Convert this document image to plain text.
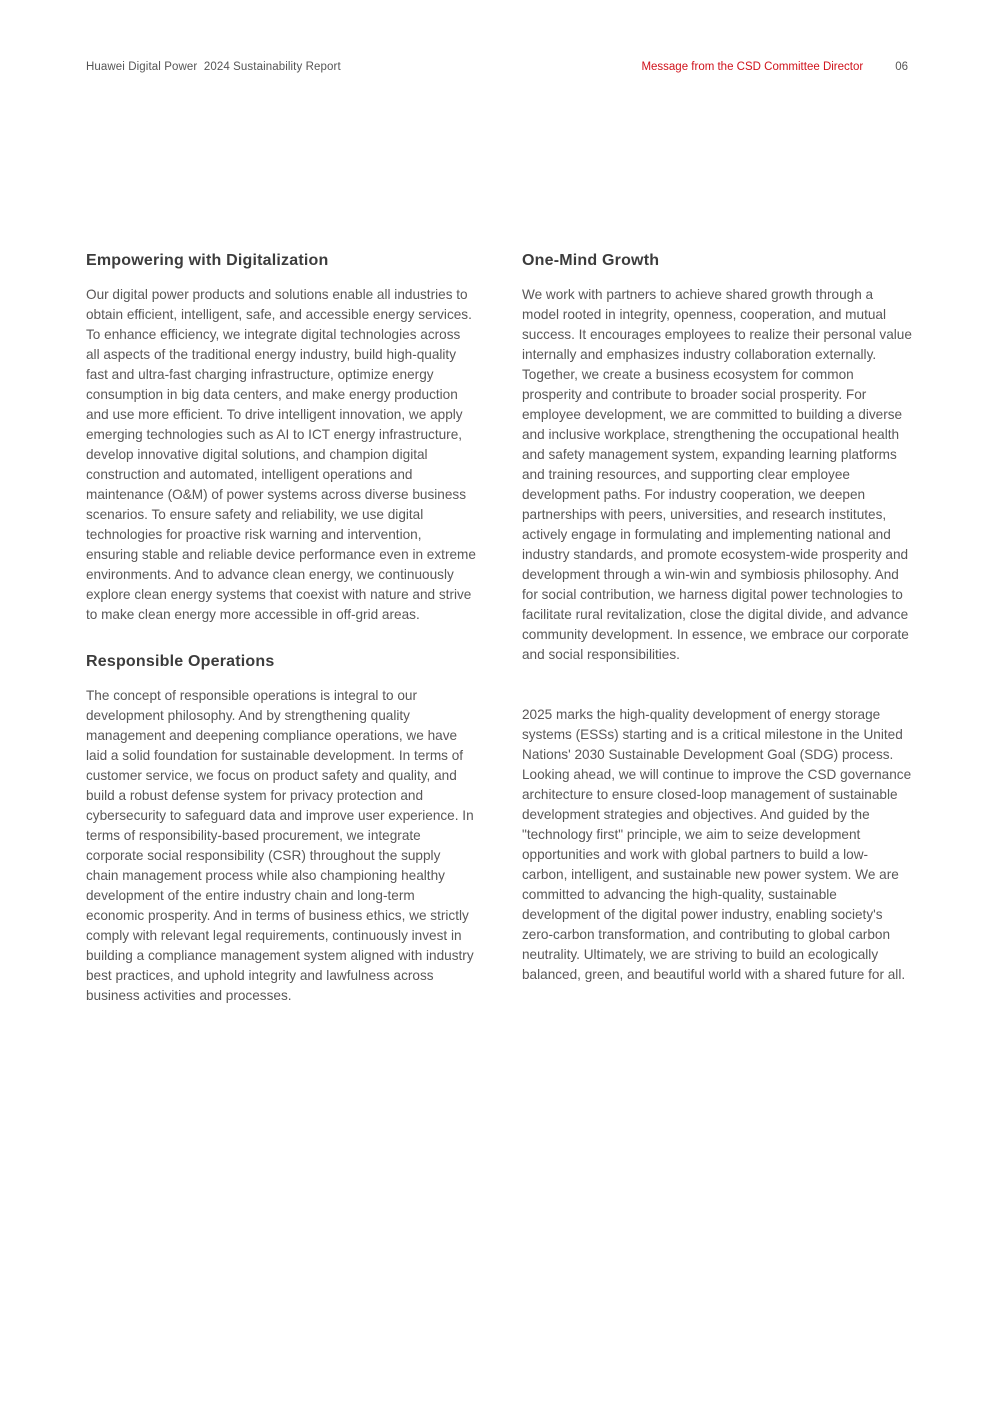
Huawei Digital Power  2024 Sustainability Report	Message from the CSD Committee Director	06
Empowering with Digitalization

Our digital power products and solutions enable all industries to obtain efficient, intelligent, safe, and accessible energy services. To enhance efficiency, we integrate digital technologies across all aspects of the traditional energy industry, build high-quality fast and ultra-fast charging infrastructure, optimize energy consumption in big data centers, and make energy production and use more efficient. To drive intelligent innovation, we apply emerging technologies such as AI to ICT energy infrastructure, develop innovative digital solutions, and champion digital construction and automated, intelligent operations and maintenance (O&M) of power systems across diverse business scenarios. To ensure safety and reliability, we use digital technologies for proactive risk warning and intervention, ensuring stable and reliable device performance even in extreme environments. And to advance clean energy, we continuously explore clean energy systems that coexist with nature and strive to make clean energy more accessible in off-grid areas.

Responsible Operations

The concept of responsible operations is integral to our development philosophy. And by strengthening quality management and deepening compliance operations, we have laid a solid foundation for sustainable development. In terms of customer service, we focus on product safety and quality, and build a robust defense system for privacy protection and cybersecurity to safeguard data and improve user experience. In terms of responsibility-based procurement, we integrate corporate social responsibility (CSR) throughout the supply chain management process while also championing healthy development of the entire industry chain and long-term economic prosperity. And in terms of business ethics, we strictly comply with relevant legal requirements, continuously invest in building a compliance management system aligned with industry best practices, and uphold integrity and lawfulness across business activities and processes.

One-Mind Growth

We work with partners to achieve shared growth through a model rooted in integrity, openness, cooperation, and mutual success. It encourages employees to realize their personal value internally and emphasizes industry collaboration externally. Together, we create a business ecosystem for common prosperity and contribute to broader social prosperity. For employee development, we are committed to building a diverse and inclusive workplace, strengthening the occupational health and safety management system, expanding learning platforms and training resources, and supporting clear employee development paths. For industry cooperation, we deepen partnerships with peers, universities, and research institutes, actively engage in formulating and implementing national and industry standards, and promote ecosystem-wide prosperity and development through a win-win and symbiosis philosophy. And for social contribution, we harness digital power technologies to facilitate rural revitalization, close the digital divide, and advance community development. In essence, we embrace our corporate and social responsibilities.

2025 marks the high-quality development of energy storage systems (ESSs) starting and is a critical milestone in the United Nations' 2030 Sustainable Development Goal (SDG) process. Looking ahead, we will continue to improve the CSD governance architecture to ensure closed-loop management of sustainable development strategies and objectives. And guided by the "technology first" principle, we aim to seize development opportunities and work with global partners to build a low-carbon, intelligent, and sustainable new power system. We are committed to advancing the high-quality, sustainable development of the digital power industry, enabling society's zero-carbon transformation, and contributing to global carbon neutrality. Ultimately, we are striving to build an ecologically balanced, green, and beautiful world with a shared future for all.
